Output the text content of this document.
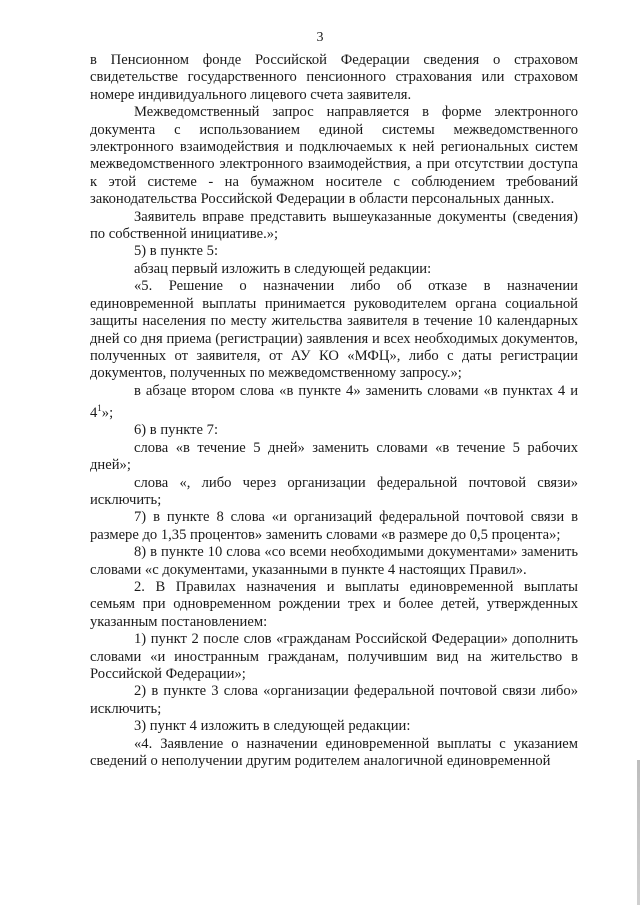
3

в Пенсионном фонде Российской Федерации сведения о страховом свидетельстве государственного пенсионного страхования или страховом номере индивидуального лицевого счета заявителя.

Межведомственный запрос направляется в форме электронного документа с использованием единой системы межведомственного электронного взаимодействия и подключаемых к ней региональных систем межведомственного электронного взаимодействия, а при отсутствии доступа к этой системе - на бумажном носителе с соблюдением требований законодательства Российской Федерации в области персональных данных.

Заявитель вправе представить вышеуказанные документы (сведения) по собственной инициативе.»;

5) в пункте 5:

абзац первый изложить в следующей редакции:

«5. Решение о назначении либо об отказе в назначении единовременной выплаты принимается руководителем органа социальной защиты населения по месту жительства заявителя в течение 10 календарных дней со дня приема (регистрации) заявления и всех необходимых документов, полученных от заявителя, от АУ КО «МФЦ», либо с даты регистрации документов, полученных по межведомственному запросу.»;

в абзаце втором слова «в пункте 4» заменить словами «в пунктах 4 и $4^1$»;

6) в пункте 7:

слова «в течение 5 дней» заменить словами «в течение 5 рабочих дней»;

слова «, либо через организации федеральной почтовой связи» исключить;

7) в пункте 8 слова «и организаций федеральной почтовой связи в размере до 1,35 процентов» заменить словами «в размере до 0,5 процента»;

8) в пункте 10 слова «со всеми необходимыми документами» заменить словами «с документами, указанными в пункте 4 настоящих Правил».

2. В Правилах назначения и выплаты единовременной выплаты семьям при одновременном рождении трех и более детей, утвержденных указанным постановлением:

1) пункт 2 после слов «гражданам Российской Федерации» дополнить словами «и иностранным гражданам, получившим вид на жительство в Российской Федерации»;

2) в пункте 3 слова «организации федеральной почтовой связи либо» исключить;

3) пункт 4 изложить в следующей редакции:

«4. Заявление о назначении единовременной выплаты с указанием сведений о неполучении другим родителем аналогичной единовременной
